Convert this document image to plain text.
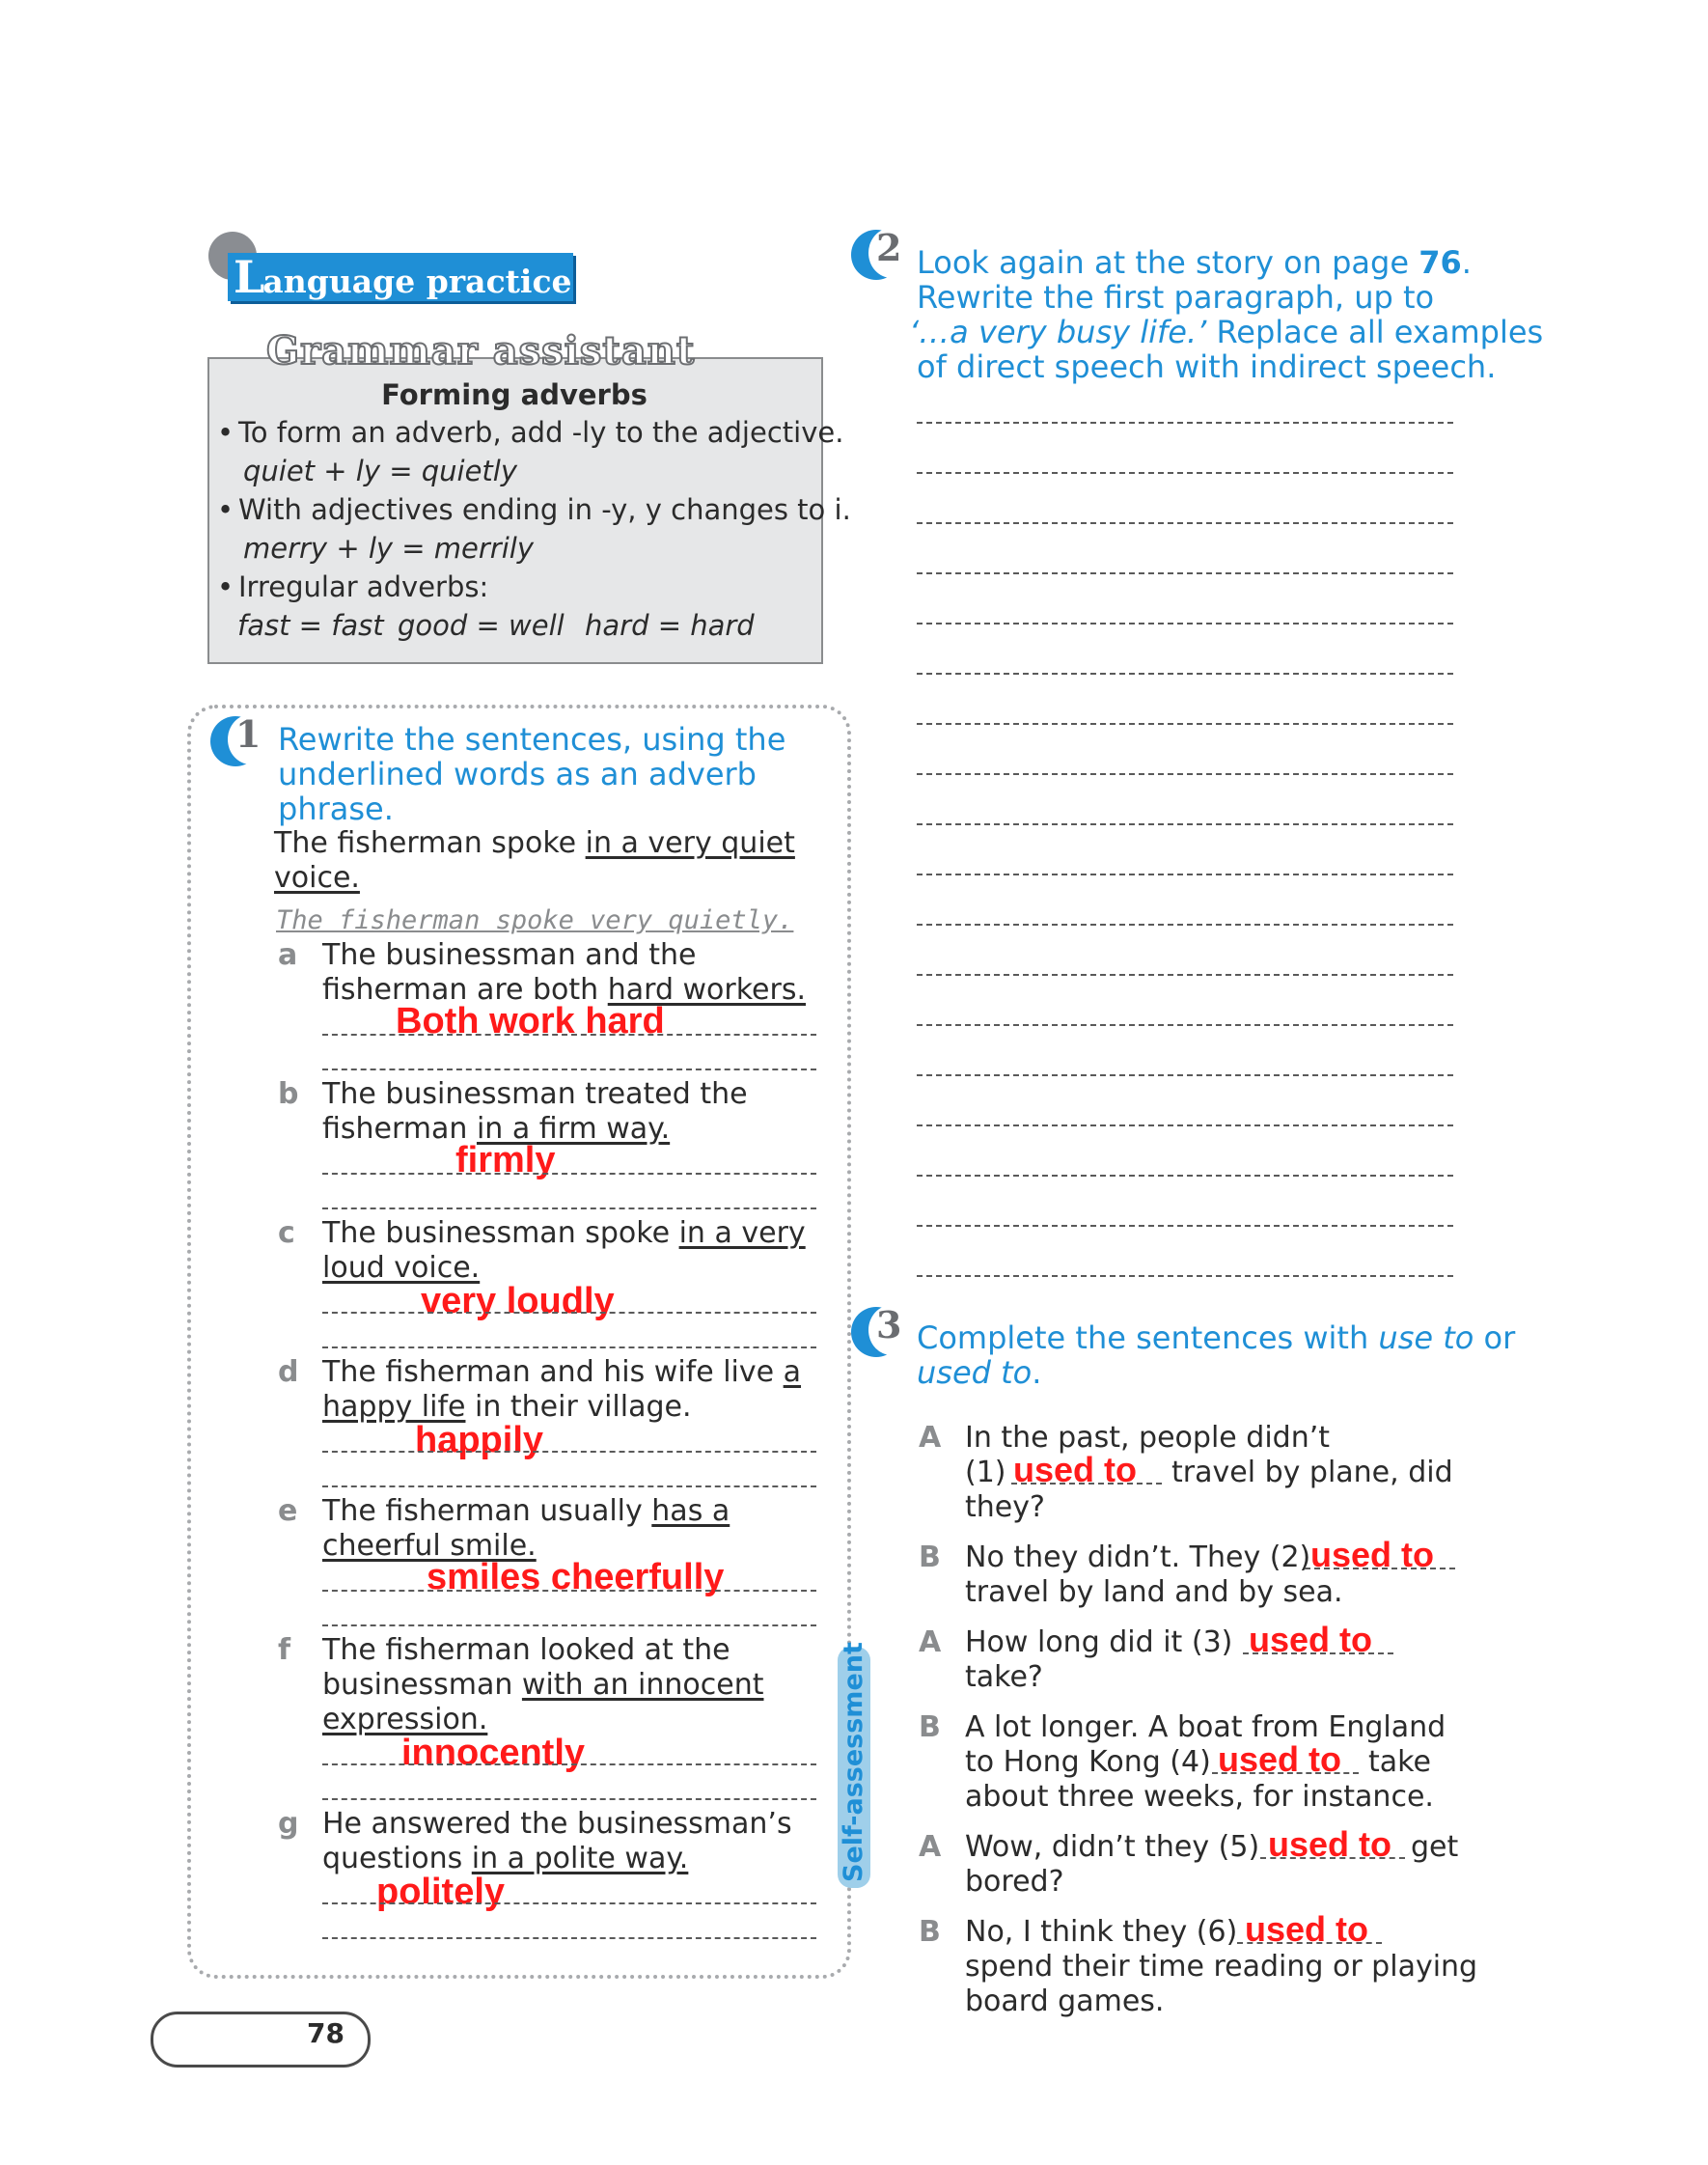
Language practice
Grammar assistant
Forming adverbs
• To form an adverb, add -ly to the adjective.
quiet + ly = quietly
• With adjectives ending in -y, y changes to i.
merry + ly = merrily
• Irregular adverbs:
fast = fast good = well hard = hard
1 Rewrite the sentences, using the
underlined words as an adverb
phrase.
The fisherman spoke in a very quiet
voice.
The fisherman spoke very quietly.
a The businessman and the
fisherman are both hard workers.
Both work hard
b The businessman treated the
fisherman in a firm way.
firmly
c The businessman spoke in a very
loud voice.
very loudly
d The fisherman and his wife live a
happy life in their village.
happily
e The fisherman usually has a
cheerful smile.
smiles cheerfully
f The fisherman looked at the
businessman with an innocent
expression.
innocently
g He answered the businessman’s
questions in a polite way.
politely
Self-assessment
2 Look again at the story on page 76.
Rewrite the first paragraph, up to
‘…a very busy life.’ Replace all examples
of direct speech with indirect speech.
3 Complete the sentences with use to or
used to.
A In the past, people didn’t
(1) used to travel by plane, did
they?
B No they didn’t. They (2) used to
travel by land and by sea.
A How long did it (3) used to
take?
B A lot longer. A boat from England
to Hong Kong (4) used to take
about three weeks, for instance.
A Wow, didn’t they (5) used to get
bored?
B No, I think they (6) used to
spend their time reading or playing
board games.
78
